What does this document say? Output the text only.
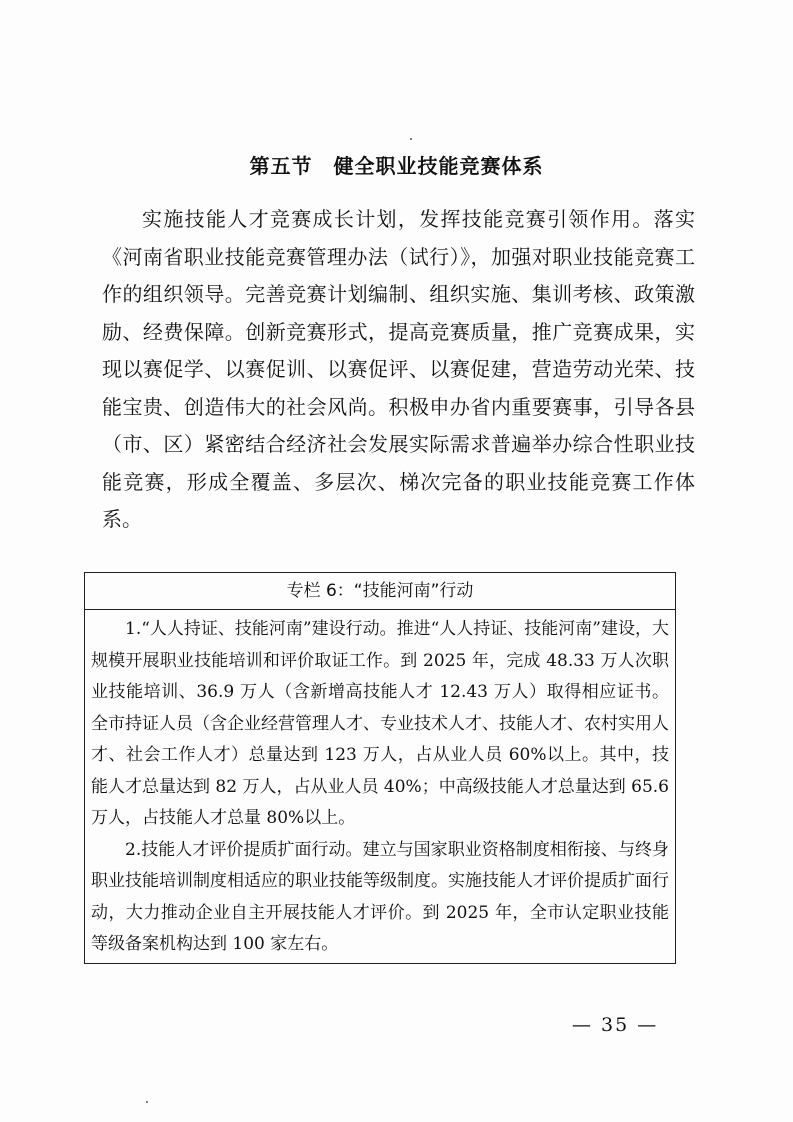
第五节　健全职业技能竞赛体系

实施技能人才竞赛成长计划，发挥技能竞赛引领作用。落实《河南省职业技能竞赛管理办法（试行）》，加强对职业技能竞赛工作的组织领导。完善竞赛计划编制、组织实施、集训考核、政策激励、经费保障。创新竞赛形式，提高竞赛质量，推广竞赛成果，实现以赛促学、以赛促训、以赛促评、以赛促建，营造劳动光荣、技能宝贵、创造伟大的社会风尚。积极申办省内重要赛事，引导各县（市、区）紧密结合经济社会发展实际需求普遍举办综合性职业技能竞赛，形成全覆盖、多层次、梯次完备的职业技能竞赛工作体系。

专栏 6：“技能河南”行动

1.“人人持证、技能河南”建设行动。推进“人人持证、技能河南”建设，大规模开展职业技能培训和评价取证工作。到 2025 年，完成 48.33 万人次职业技能培训、36.9 万人（含新增高技能人才 12.43 万人）取得相应证书。全市持证人员（含企业经营管理人才、专业技术人才、技能人才、农村实用人才、社会工作人才）总量达到 123 万人，占从业人员 60%以上。其中，技能人才总量达到 82 万人，占从业人员 40%；中高级技能人才总量达到 65.6 万人，占技能人才总量 80%以上。

2.技能人才评价提质扩面行动。建立与国家职业资格制度相衔接、与终身职业技能培训制度相适应的职业技能等级制度。实施技能人才评价提质扩面行动，大力推动企业自主开展技能人才评价。到 2025 年，全市认定职业技能等级备案机构达到 100 家左右。

— 35 —
